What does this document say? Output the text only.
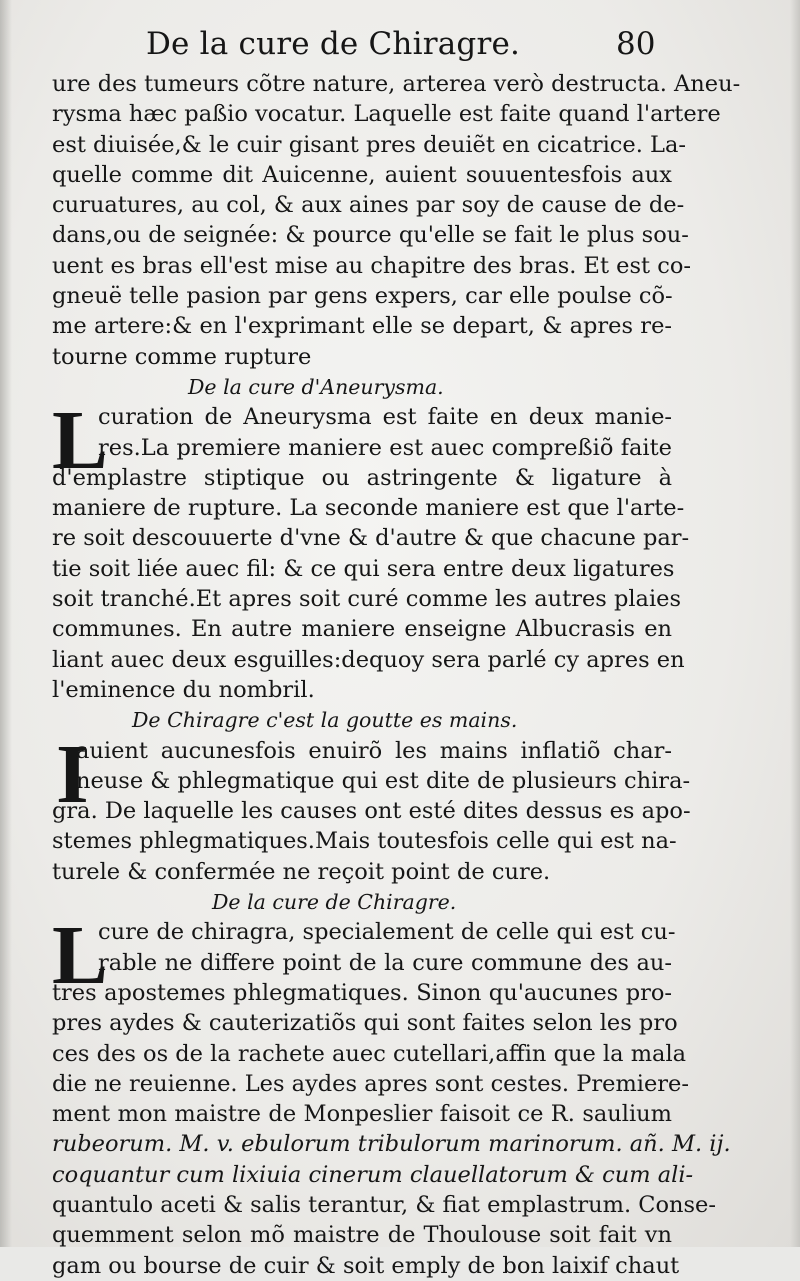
De la cure de Chiragre.	80
ure des tumeurs cõtre nature, arterea verò destructa. Aneu-
rysma hæc paßio vocatur. Laquelle est faite quand l'artere
est diuisée,& le cuir gisant pres deuiẽt en cicatrice. La-
quelle comme dit Auicenne, auient souuentesfois aux
curuatures, au col, & aux aines par soy de cause de de-
dans,ou de seignée: & pource qu'elle se fait le plus sou-
uent es bras ell'est mise au chapitre des bras. Et est co-
gneuë telle pasion par gens expers, car elle poulse cõ-
me artere:& en l'exprimant elle se depart, & apres re-
tourne comme rupture
De la cure d'Aneurysma.
L
curation de Aneurysma est faite en deux manie-
res.La premiere maniere est auec compreßiõ faite
d'emplastre stiptique ou astringente & ligature à
maniere de rupture. La seconde maniere est que l'arte-
re soit descouuerte d'vne & d'autre & que chacune par-
tie soit liée auec fil: & ce qui sera entre deux ligatures
soit tranché.Et apres soit curé comme les autres plaies
communes. En autre maniere enseigne Albucrasis en
liant auec deux esguilles:dequoy sera parlé cy apres en
l'eminence du nombril.
De Chiragre c'est la goutte es mains.
I
auient aucunesfois enuirõ les mains inflatiõ char-
neuse & phlegmatique qui est dite de plusieurs chira-
gra. De laquelle les causes ont esté dites dessus es apo-
stemes phlegmatiques.Mais toutesfois celle qui est na-
turele & confermée ne reçoit point de cure.
De la cure de Chiragre.
L
cure de chiragra, specialement de celle qui est cu-
rable ne differe point de la cure commune des au-
tres apostemes phlegmatiques. Sinon qu'aucunes pro-
pres aydes & cauterizatiõs qui sont faites selon les pro
ces des os de la rachete auec cutellari,affin que la mala
die ne reuienne. Les aydes apres sont cestes. Premiere-
ment mon maistre de Monpeslier faisoit ce R. saulium
rubeorum. M. v. ebulorum tribulorum marinorum. añ. M. ij.
coquantur cum lixiuia cinerum clauellatorum & cum ali-
quantulo aceti & salis terantur, & fiat emplastrum. Conse-
quemment selon mõ maistre de Thoulouse soit fait vn
gam ou bourse de cuir & soit emply de bon laixif chaut
